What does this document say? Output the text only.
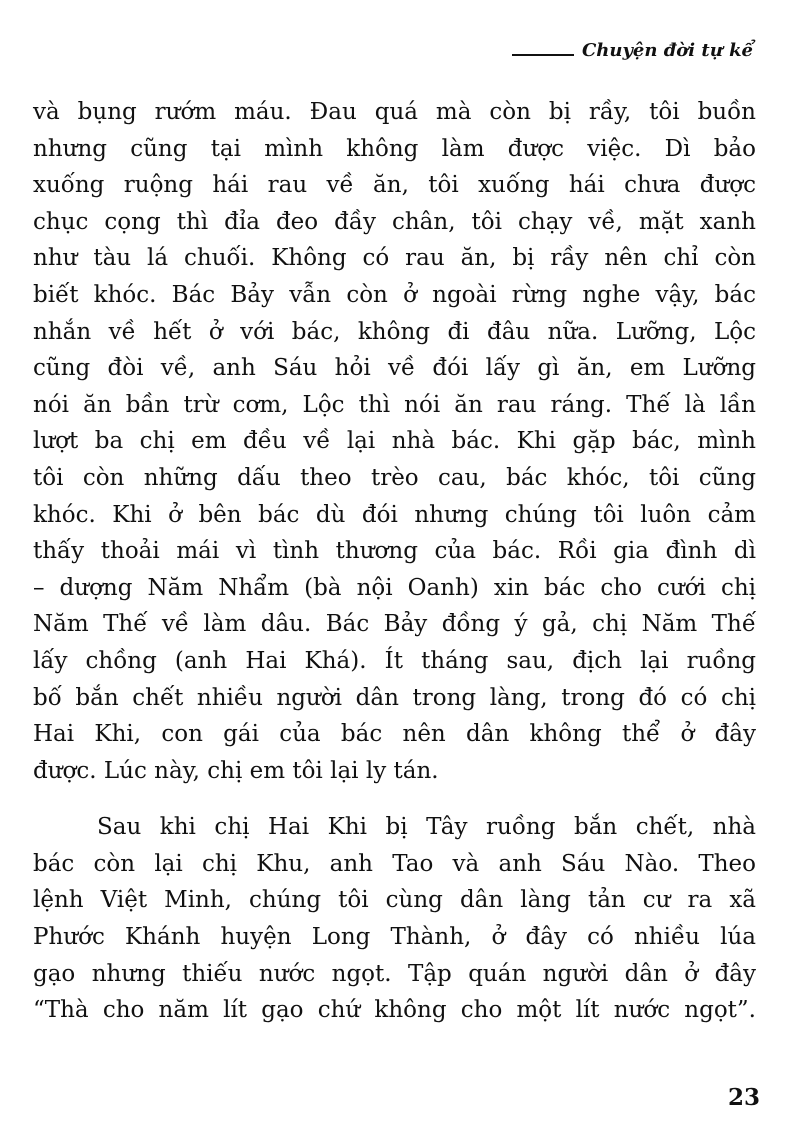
Chuyện đời tự kể
và bụng rướm máu. Đau quá mà còn bị rầy, tôi buồn
nhưng cũng tại mình không làm được việc. Dì bảo
xuống ruộng hái rau về ăn, tôi xuống hái chưa được
chục cọng thì đỉa đeo đầy chân, tôi chạy về, mặt xanh
như tàu lá chuối. Không có rau ăn, bị rầy nên chỉ còn
biết khóc. Bác Bảy vẫn còn ở ngoài rừng nghe vậy, bác
nhắn về hết ở với bác, không đi đâu nữa. Lưỡng, Lộc
cũng đòi về, anh Sáu hỏi về đói lấy gì ăn, em Lưỡng
nói ăn bần trừ cơm, Lộc thì nói ăn rau ráng. Thế là lần
lượt ba chị em đều về lại nhà bác. Khi gặp bác, mình
tôi còn những dấu theo trèo cau, bác khóc, tôi cũng
khóc. Khi ở bên bác dù đói nhưng chúng tôi luôn cảm
thấy thoải mái vì tình thương của bác. Rồi gia đình dì
– dượng Năm Nhẩm (bà nội Oanh) xin bác cho cưới chị
Năm Thế về làm dâu. Bác Bảy đồng ý gả, chị Năm Thế
lấy chồng (anh Hai Khá). Ít tháng sau, địch lại ruồng
bố bắn chết nhiều người dân trong làng, trong đó có chị
Hai Khi, con gái của bác nên dân không thể ở đây
được. Lúc này, chị em tôi lại ly tán.
Sau khi chị Hai Khi bị Tây ruồng bắn chết, nhà
bác còn lại chị Khu, anh Tao và anh Sáu Nào. Theo
lệnh Việt Minh, chúng tôi cùng dân làng tản cư ra xã
Phước Khánh huyện Long Thành, ở đây có nhiều lúa
gạo nhưng thiếu nước ngọt. Tập quán người dân ở đây
“Thà cho năm lít gạo chứ không cho một lít nước ngọt”.
23
